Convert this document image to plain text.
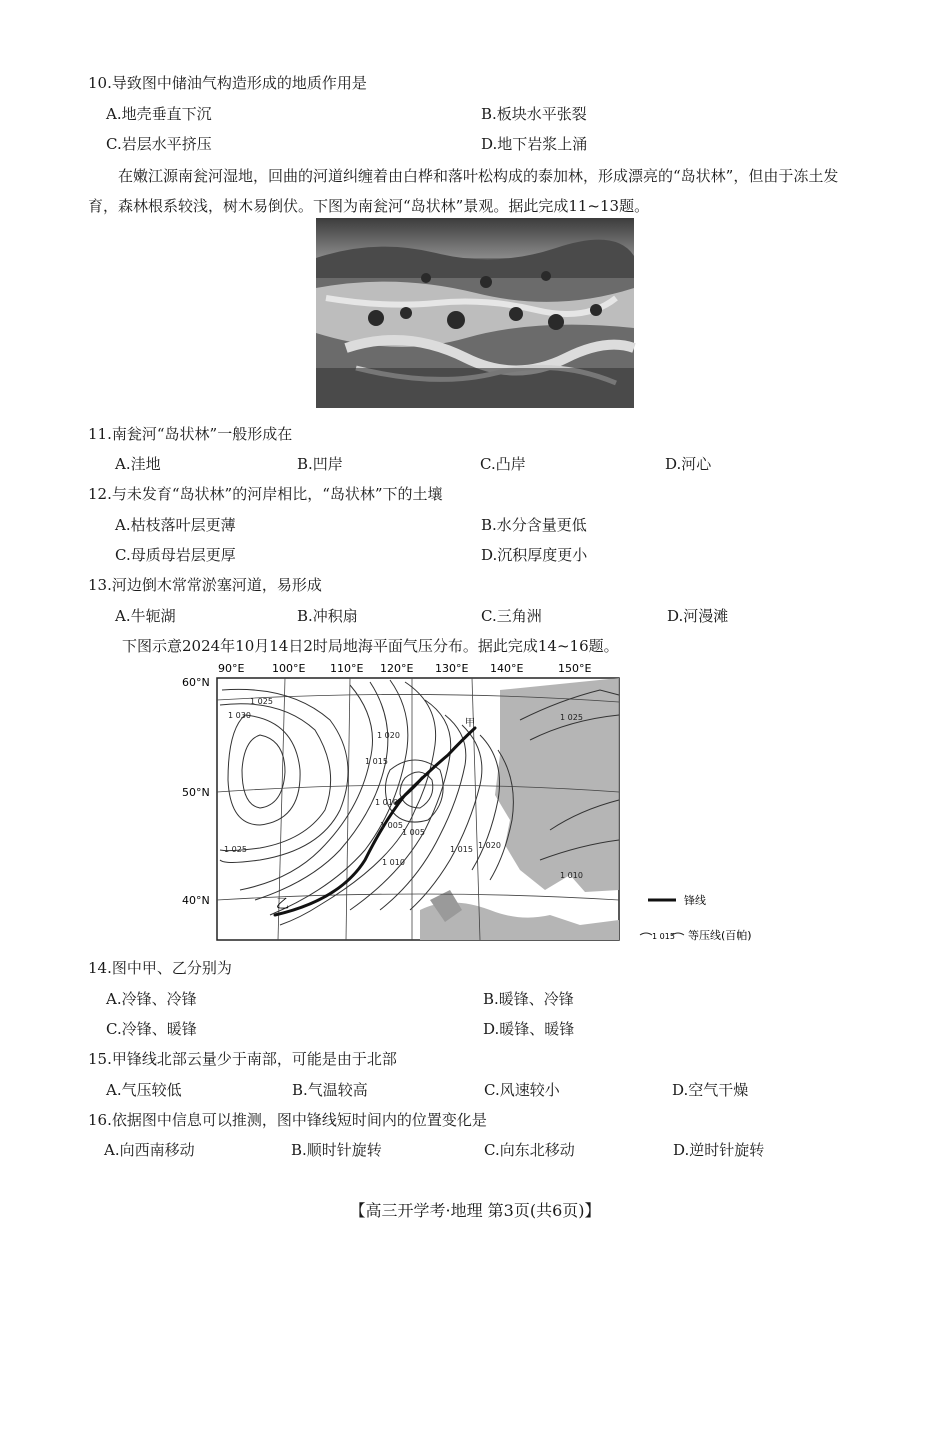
10.导致图中储油气构造形成的地质作用是
A.地壳垂直下沉	B.板块水平张裂
C.岩层水平挤压	D.地下岩浆上涌
在嫩江源南瓮河湿地，回曲的河道纠缠着由白桦和落叶松构成的泰加林，形成漂亮的“岛状林”，但由于冻土发育，森林根系较浅，树木易倒伏。下图为南瓮河“岛状林”景观。据此完成11~13题。
11.南瓮河“岛状林”一般形成在
A.洼地	B.凹岸	C.凸岸	D.河心
12.与未发育“岛状林”的河岸相比，“岛状林”下的土壤
A.枯枝落叶层更薄	B.水分含量更低
C.母质母岩层更厚	D.沉积厚度更小
13.河边倒木常常淤塞河道，易形成
A.牛轭湖	B.冲积扇	C.三角洲	D.河漫滩
下图示意2024年10月14日2时局地海平面气压分布。据此完成14~16题。
90°E	100°E 110°E 120°E 130°E 140°E	150°E
60°N
50°N
40°N
1 025
1 030
1 020
1 015
1 010
1 005
1 005
1 010
1 015 1 020
1 025
1 010
1 025
甲
乙	锋线
1 015 等压线(百帕)
14.图中甲、乙分别为
A.冷锋、冷锋	B.暖锋、冷锋
C.冷锋、暖锋	D.暖锋、暖锋
15.甲锋线北部云量少于南部，可能是由于北部
A.气压较低	B.气温较高	C.风速较小	D.空气干燥
16.依据图中信息可以推测，图中锋线短时间内的位置变化是
A.向西南移动	B.顺时针旋转	C.向东北移动	D.逆时针旋转
【高三开学考·地理 第3页(共6页)】
